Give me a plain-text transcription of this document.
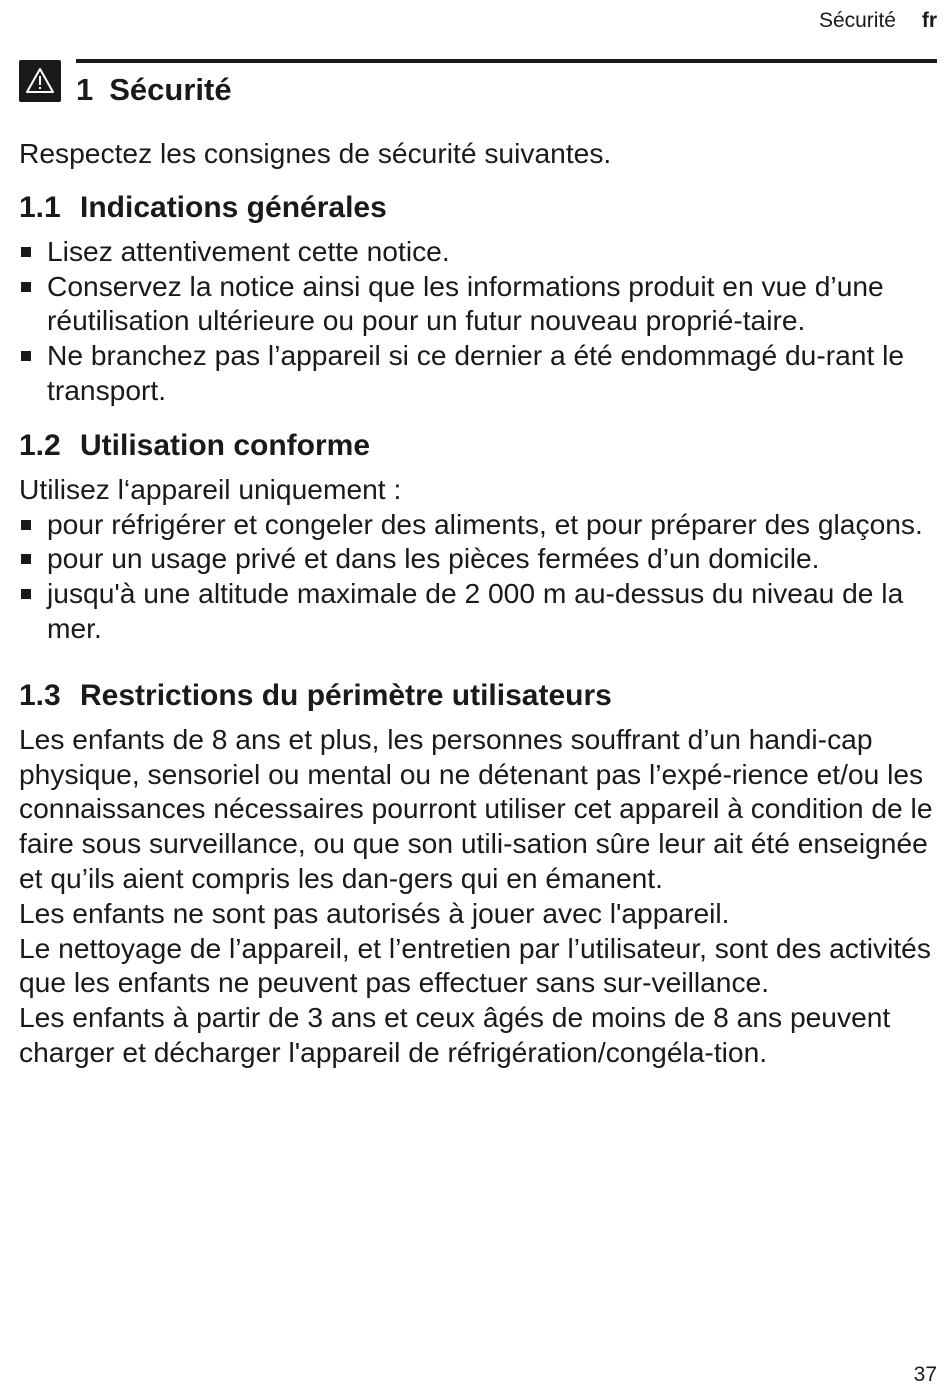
Sécurité fr
1 Sécurité

Respectez les consignes de sécurité suivantes.

1.1 Indications générales
Lisez attentivement cette notice.
Conservez la notice ainsi que les informations produit en vue d’une réutilisation ultérieure ou pour un futur nouveau proprié-taire.
Ne branchez pas l’appareil si ce dernier a été endommagé du-rant le transport.
1.2 Utilisation conforme

Utilisez l‘appareil uniquement :

pour réfrigérer et congeler des aliments, et pour préparer des glaçons.
pour un usage privé et dans les pièces fermées d’un domicile.
jusqu'à une altitude maximale de 2 000 m au-dessus du niveau de la mer.
1.3 Restrictions du périmètre utilisateurs

Les enfants de 8 ans et plus, les personnes souffrant d’un handi-cap physique, sensoriel ou mental ou ne détenant pas l’expé-rience et/ou les connaissances nécessaires pourront utiliser cet appareil à condition de le faire sous surveillance, ou que son utili-sation sûre leur ait été enseignée et qu’ils aient compris les dan-gers qui en émanent.

Les enfants ne sont pas autorisés à jouer avec l'appareil.

Le nettoyage de l’appareil, et l’entretien par l’utilisateur, sont des activités que les enfants ne peuvent pas effectuer sans sur-veillance.

Les enfants à partir de 3 ans et ceux âgés de moins de 8 ans peuvent charger et décharger l'appareil de réfrigération/congéla-tion.

37
